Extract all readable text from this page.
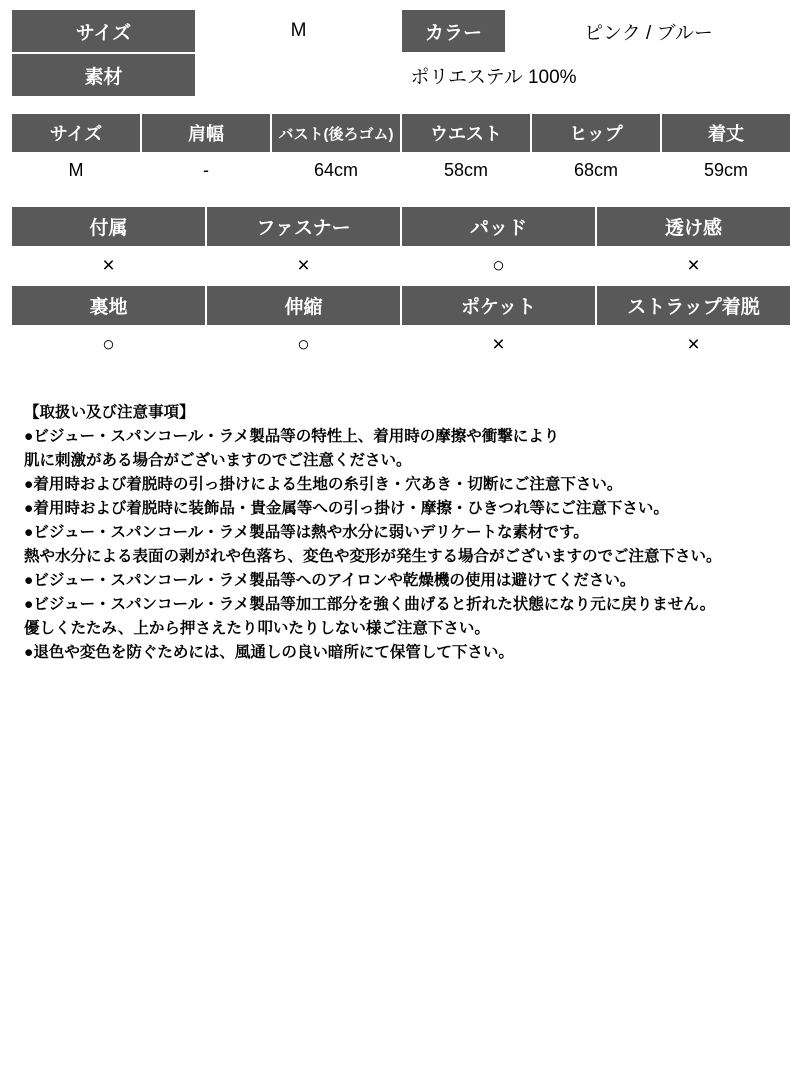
サイズ	M	カラー	ピンク / ブルー
素材	ポリエステル 100%		
サイズ	肩幅	バスト(後ろゴム)	ウエスト	ヒップ	着丈
M	-	64cm	58cm	68cm	59cm
付属	ファスナー	パッド	透け感
×	×	○	×
裏地	伸縮	ポケット	ストラップ着脱
○	○	×	×
【取扱い及び注意事項】
●ビジュー・スパンコール・ラメ製品等の特性上、着用時の摩擦や衝撃により
肌に刺激がある場合がございますのでご注意ください。
●着用時および着脱時の引っ掛けによる生地の糸引き・穴あき・切断にご注意下さい。
●着用時および着脱時に装飾品・貴金属等への引っ掛け・摩擦・ひきつれ等にご注意下さい。
●ビジュー・スパンコール・ラメ製品等は熱や水分に弱いデリケートな素材です。
熱や水分による表面の剥がれや色落ち、変色や変形が発生する場合がございますのでご注意下さい。
●ビジュー・スパンコール・ラメ製品等へのアイロンや乾燥機の使用は避けてください。
●ビジュー・スパンコール・ラメ製品等加工部分を強く曲げると折れた状態になり元に戻りません。
優しくたたみ、上から押さえたり叩いたりしない様ご注意下さい。
●退色や変色を防ぐためには、風通しの良い暗所にて保管して下さい。
